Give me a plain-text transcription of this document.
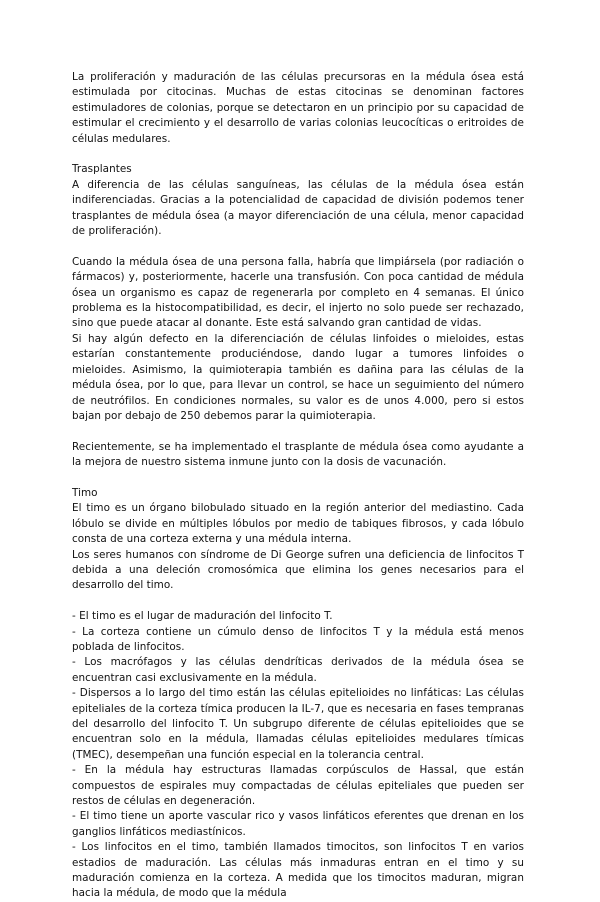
La proliferación y maduración de las células precursoras en la médula ósea está estimulada por citocinas. Muchas de estas citocinas se denominan factores estimuladores de colonias, porque se detectaron en un principio por su capacidad de estimular el crecimiento y el desarrollo de varias colonias leucocíticas o eritroides de células medulares.

Trasplantes

A diferencia de las células sanguíneas, las células de la médula ósea están indiferenciadas. Gracias a la potencialidad de capacidad de división podemos tener trasplantes de médula ósea (a mayor diferenciación de una célula, menor capacidad de proliferación).

Cuando la médula ósea de una persona falla, habría que limpiársela (por radiación o fármacos) y, posteriormente, hacerle una transfusión. Con poca cantidad de médula ósea un organismo es capaz de regenerarla por completo en 4 semanas. El único problema es la histocompatibilidad, es decir, el injerto no solo puede ser rechazado, sino que puede atacar al donante. Este está salvando gran cantidad de vidas.

Si hay algún defecto en la diferenciación de células linfoides o mieloides, estas estarían constantemente produciéndose, dando lugar a tumores linfoides o mieloides. Asimismo, la quimioterapia también es dañina para las células de la médula ósea, por lo que, para llevar un control, se hace un seguimiento del número de neutrófilos. En condiciones normales, su valor es de unos 4.000, pero si estos bajan por debajo de 250 debemos parar la quimioterapia.

Recientemente, se ha implementado el trasplante de médula ósea como ayudante a la mejora de nuestro sistema inmune junto con la dosis de vacunación.

Timo

El timo es un órgano bilobulado situado en la región anterior del mediastino. Cada lóbulo se divide en múltiples lóbulos por medio de tabiques fibrosos, y cada lóbulo consta de una corteza externa y una médula interna.

Los seres humanos con síndrome de Di George sufren una deficiencia de linfocitos T debida a una deleción cromosómica que elimina los genes necesarios para el desarrollo del timo.

- El timo es el lugar de maduración del linfocito T.

- La corteza contiene un cúmulo denso de linfocitos T y la médula está menos poblada de linfocitos.

- Los macrófagos y las células dendríticas derivados de la médula ósea se encuentran casi exclusivamente en la médula.

- Dispersos a lo largo del timo están las células epitelioides no linfáticas: Las células epiteliales de la corteza tímica producen la IL-7, que es necesaria en fases tempranas del desarrollo del linfocito T. Un subgrupo diferente de células epitelioides que se encuentran solo en la médula, llamadas células epitelioides medulares tímicas (TMEC), desempeñan una función especial en la tolerancia central.

- En la médula hay estructuras llamadas corpúsculos de Hassal, que están compuestos de espirales muy compactadas de células epiteliales que pueden ser restos de células en degeneración.

- El timo tiene un aporte vascular rico y vasos linfáticos eferentes que drenan en los ganglios linfáticos mediastínicos.

- Los linfocitos en el timo, también llamados timocitos, son linfocitos T en varios estadios de maduración. Las células más inmaduras entran en el timo y su maduración comienza en la corteza. A medida que los timocitos maduran, migran hacia la médula, de modo que la médula
